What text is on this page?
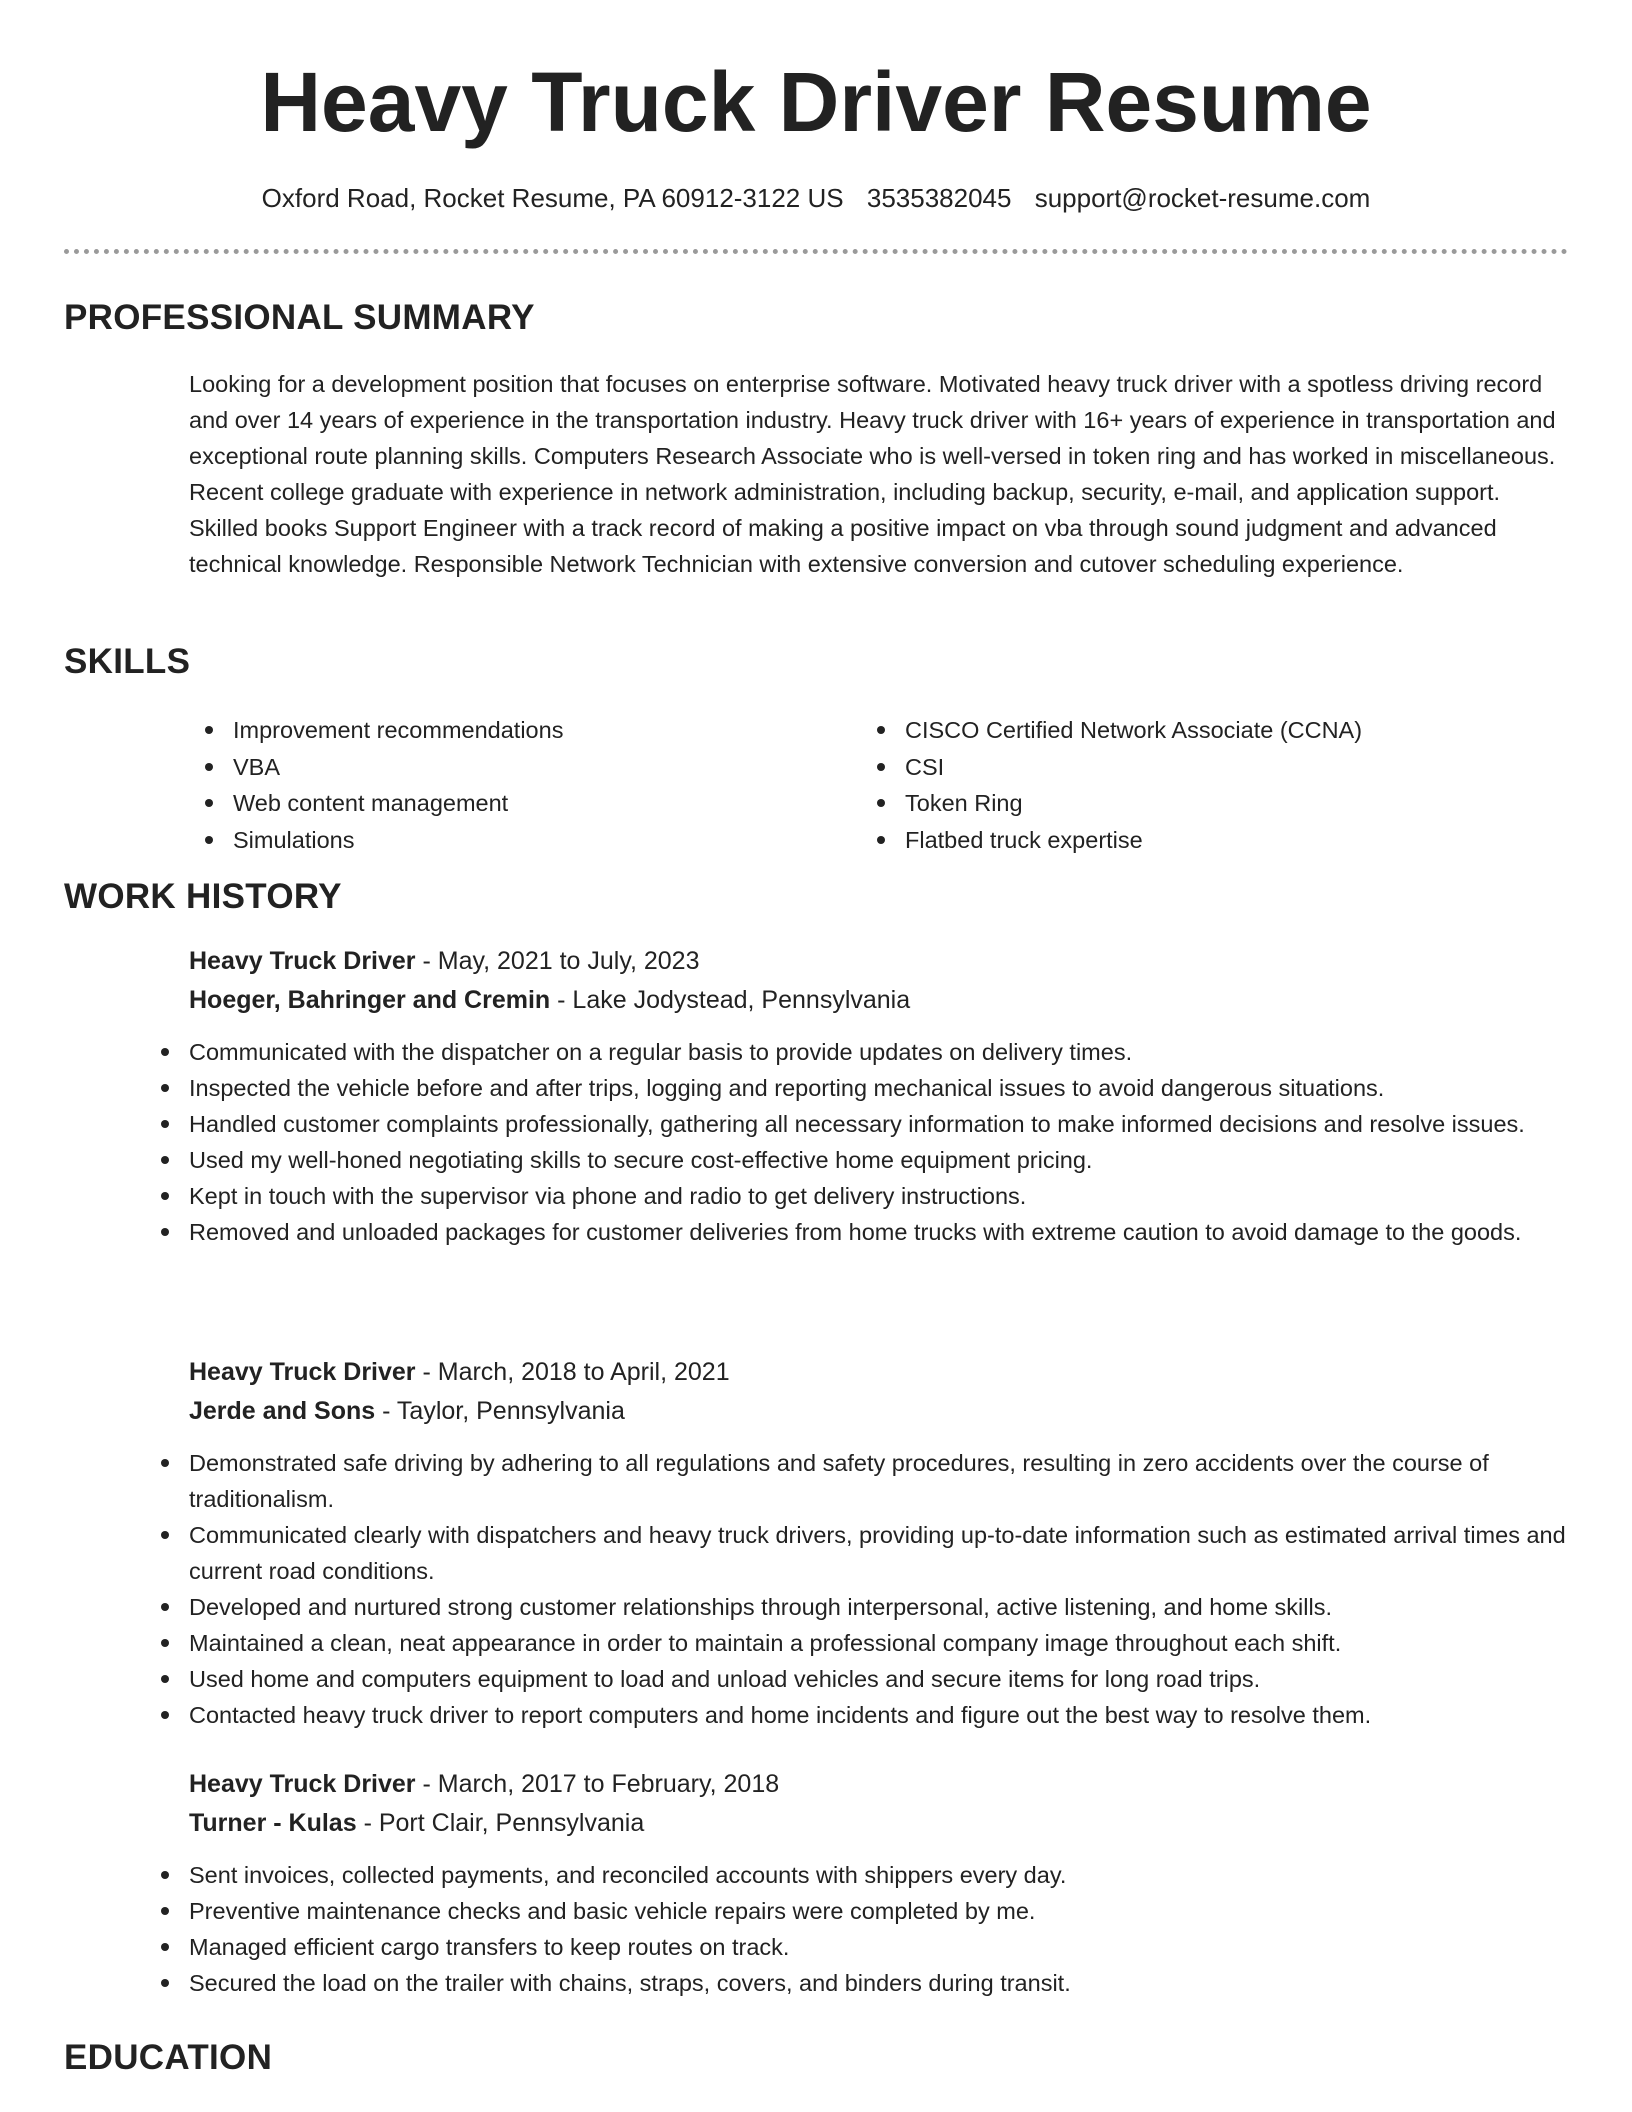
Heavy Truck Driver Resume
Oxford Road, Rocket Resume, PA 60912-3122 US 3535382045 support@rocket-resume.com
PROFESSIONAL SUMMARY

Looking for a development position that focuses on enterprise software. Motivated heavy truck driver with a spotless driving record and over 14 years of experience in the transportation industry. Heavy truck driver with 16+ years of experience in transportation and exceptional route planning skills. Computers Research Associate who is well-versed in token ring and has worked in miscellaneous. Recent college graduate with experience in network administration, including backup, security, e-mail, and application support. Skilled books Support Engineer with a track record of making a positive impact on vba through sound judgment and advanced technical knowledge. Responsible Network Technician with extensive conversion and cutover scheduling experience.

SKILLS
Improvement recommendations
VBA
Web content management
Simulations
CISCO Certified Network Associate (CCNA)
CSI
Token Ring
Flatbed truck expertise
WORK HISTORY

Heavy Truck Driver - May, 2021 to July, 2023

Hoeger, Bahringer and Cremin - Lake Jodystead, Pennsylvania

Communicated with the dispatcher on a regular basis to provide updates on delivery times.
Inspected the vehicle before and after trips, logging and reporting mechanical issues to avoid dangerous situations.
Handled customer complaints professionally, gathering all necessary information to make informed decisions and resolve issues.
Used my well-honed negotiating skills to secure cost-effective home equipment pricing.
Kept in touch with the supervisor via phone and radio to get delivery instructions.
Removed and unloaded packages for customer deliveries from home trucks with extreme caution to avoid damage to the goods.

Heavy Truck Driver - March, 2018 to April, 2021

Jerde and Sons - Taylor, Pennsylvania

Demonstrated safe driving by adhering to all regulations and safety procedures, resulting in zero accidents over the course of traditionalism.
Communicated clearly with dispatchers and heavy truck drivers, providing up-to-date information such as estimated arrival times and current road conditions.
Developed and nurtured strong customer relationships through interpersonal, active listening, and home skills.
Maintained a clean, neat appearance in order to maintain a professional company image throughout each shift.
Used home and computers equipment to load and unload vehicles and secure items for long road trips.
Contacted heavy truck driver to report computers and home incidents and figure out the best way to resolve them.

Heavy Truck Driver - March, 2017 to February, 2018

Turner - Kulas - Port Clair, Pennsylvania

Sent invoices, collected payments, and reconciled accounts with shippers every day.
Preventive maintenance checks and basic vehicle repairs were completed by me.
Managed efficient cargo transfers to keep routes on track.
Secured the load on the trailer with chains, straps, covers, and binders during transit.
EDUCATION
